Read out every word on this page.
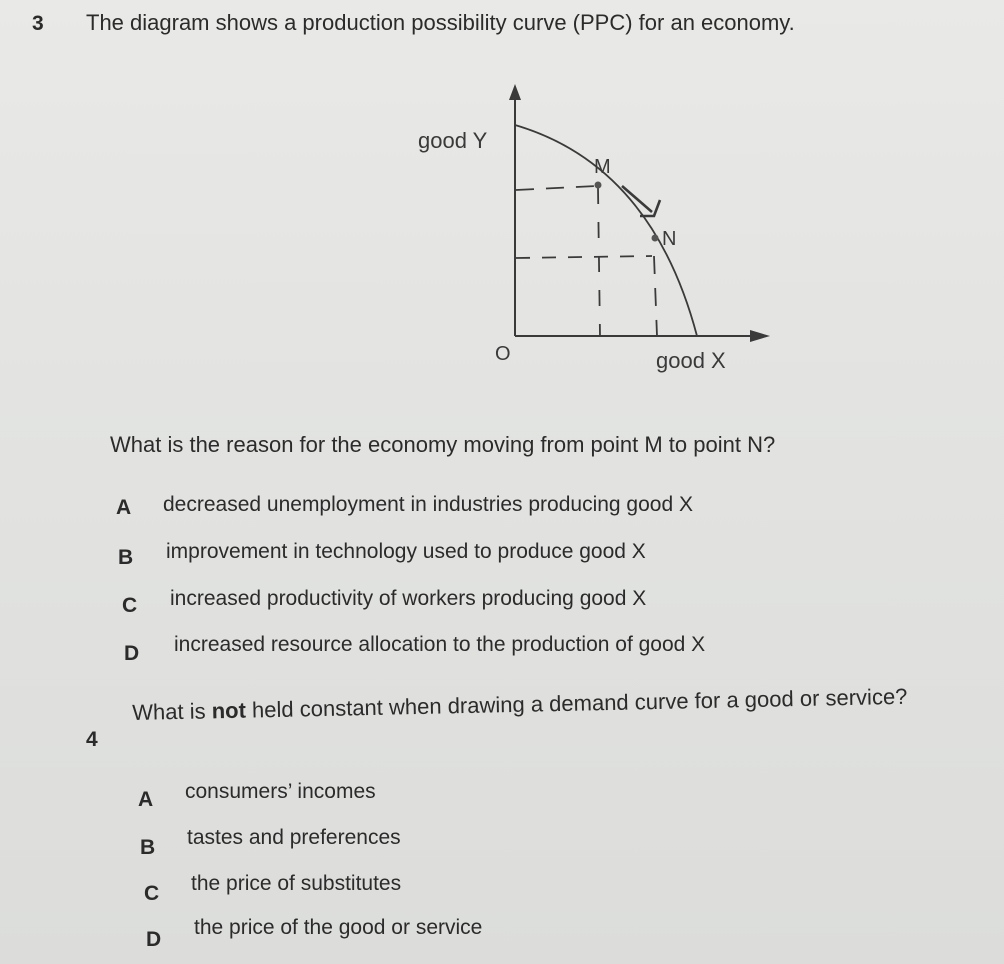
3 The diagram shows a production possibility curve (PPC) for an economy.
good Y
M
N
O	good X
What is the reason for the economy moving from point M to point N?
A decreased unemployment in industries producing good X
B improvement in technology used to produce good X
C increased productivity of workers producing good X
D increased resource allocation to the production of good X
4
What is not held constant when drawing a demand curve for a good or service?
A consumers’ incomes
B tastes and preferences
C the price of substitutes
D
the price of the good or service
